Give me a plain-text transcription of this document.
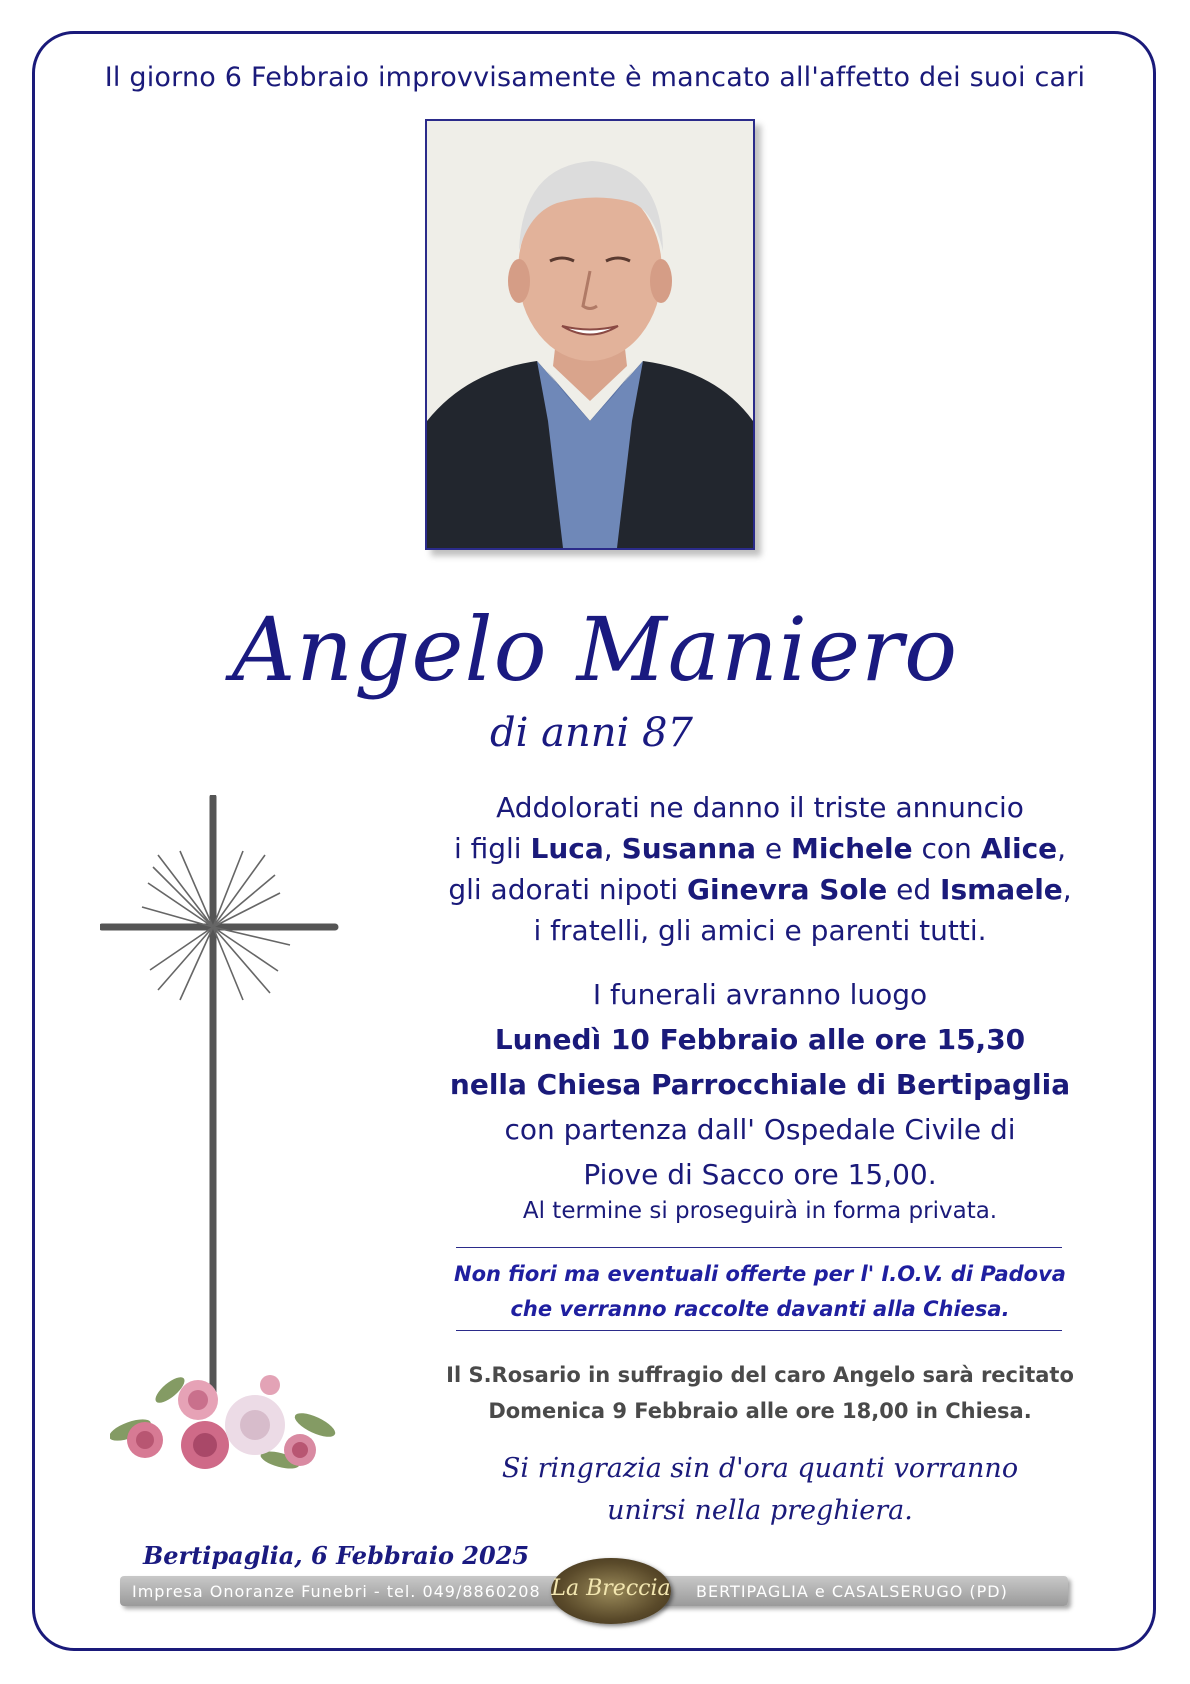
Il giorno 6 Febbraio improvvisamente è mancato all'affetto dei suoi cari
Angelo Maniero
di anni 87
Addolorati ne danno il triste annuncio
i figli Luca, Susanna e Michele con Alice,
gli adorati nipoti Ginevra Sole ed Ismaele,
i fratelli, gli amici e parenti tutti.
I funerali avranno luogo
Lunedì 10 Febbraio alle ore 15,30
nella Chiesa Parrocchiale di Bertipaglia
con partenza dall' Ospedale Civile di
Piove di Sacco ore 15,00.
Al termine si proseguirà in forma privata.
Non fiori ma eventuali offerte per l' I.O.V. di Padova
che verranno raccolte davanti alla Chiesa.
Il S.Rosario in suffragio del caro Angelo sarà recitato
Domenica 9 Febbraio alle ore 18,00 in Chiesa.
Si ringrazia sin d'ora quanti vorranno
unirsi nella preghiera.
Bertipaglia, 6 Febbraio 2025
Impresa Onoranze Funebri - tel. 049/8860208	BERTIPAGLIA e CASALSERUGO (PD)
La Breccia
